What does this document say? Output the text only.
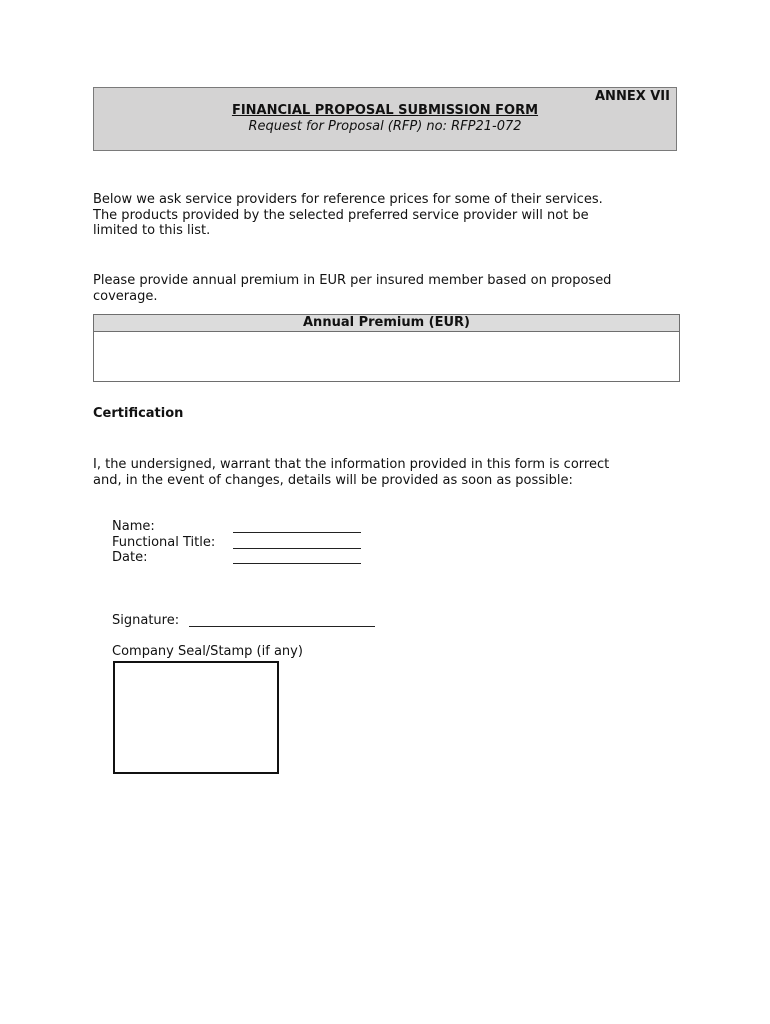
ANNEX VII
FINANCIAL PROPOSAL SUBMISSION FORM
Request for Proposal (RFP) no: RFP21-072

Below we ask service providers for reference prices for some of their services.

The products provided by the selected preferred service provider will not be

limited to this list.

Please provide annual premium in EUR per insured member based on proposed

coverage.

Annual Premium (EUR)
Certification

I, the undersigned, warrant that the information provided in this form is correct

and, in the event of changes, details will be provided as soon as possible:

Name:
Functional Title:
Date:
Signature:
Company Seal/Stamp (if any)
